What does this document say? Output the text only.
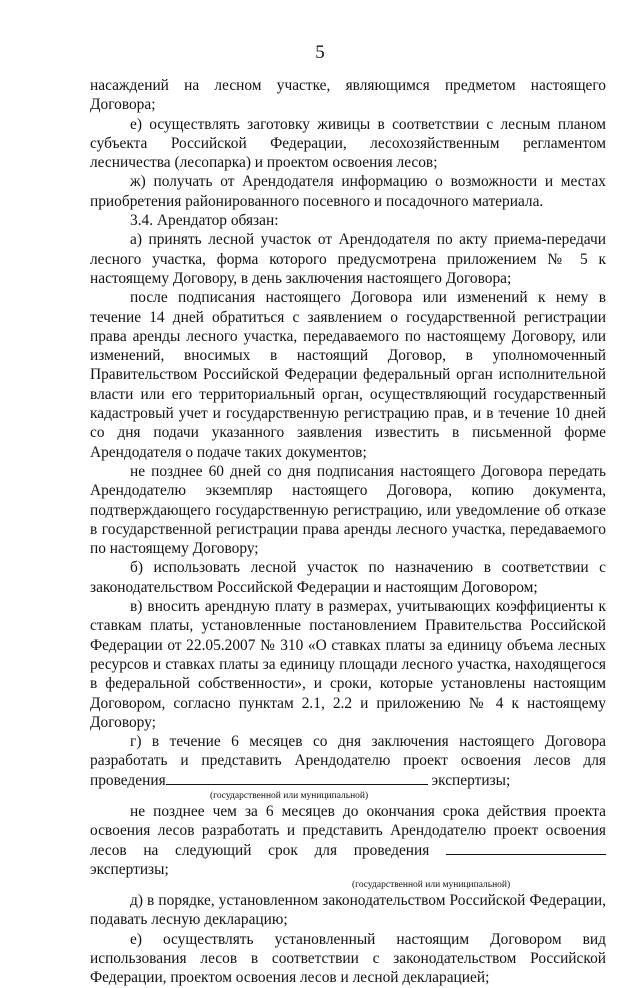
5

насаждений на лесном участке, являющимся предметом настоящего Договора;

е) осуществлять заготовку живицы в соответствии с лесным планом субъекта Российской Федерации, лесохозяйственным регламентом лесничества (лесопарка) и проектом освоения лесов;

ж) получать от Арендодателя информацию о возможности и местах приобретения районированного посевного и посадочного материала.

3.4. Арендатор обязан:

а) принять лесной участок от Арендодателя по акту приема-передачи лесного участка, форма которого предусмотрена приложением № 5 к настоящему Договору, в день заключения настоящего Договора;

после подписания настоящего Договора или изменений к нему в течение 14 дней обратиться с заявлением о государственной регистрации права аренды лесного участка, передаваемого по настоящему Договору, или изменений, вносимых в настоящий Договор, в уполномоченный Правительством Российской Федерации федеральный орган исполнительной власти или его территориальный орган, осуществляющий государственный кадастровый учет и государственную регистрацию прав, и в течение 10 дней со дня подачи указанного заявления известить в письменной форме Арендодателя о подаче таких документов;

не позднее 60 дней со дня подписания настоящего Договора передать Арендодателю экземпляр настоящего Договора, копию документа, подтверждающего государственную регистрацию, или уведомление об отказе в государственной регистрации права аренды лесного участка, передаваемого по настоящему Договору;

б) использовать лесной участок по назначению в соответствии с законодательством Российской Федерации и настоящим Договором;

в) вносить арендную плату в размерах, учитывающих коэффициенты к ставкам платы, установленные постановлением Правительства Российской Федерации от 22.05.2007 № 310 «О ставках платы за единицу объема лесных ресурсов и ставках платы за единицу площади лесного участка, находящегося в федеральной собственности», и сроки, которые установлены настоящим Договором, согласно пунктам 2.1, 2.2 и приложению № 4 к настоящему Договору;

г) в течение 6 месяцев со дня заключения настоящего Договора разработать и представить Арендодателю проект освоения лесов для проведения	экспертизы;

(государственной или муниципальной)

не позднее чем за 6 месяцев до окончания срока действия проекта освоения лесов разработать и представить Арендодателю проект освоения лесов на следующий срок для проведения  экспертизы;

(государственной или муниципальной)

д) в порядке, установленном законодательством Российской Федерации, подавать лесную декларацию;

е) осуществлять установленный настоящим Договором вид использования лесов в соответствии с законодательством Российской Федерации, проектом освоения лесов и лесной декларацией;
